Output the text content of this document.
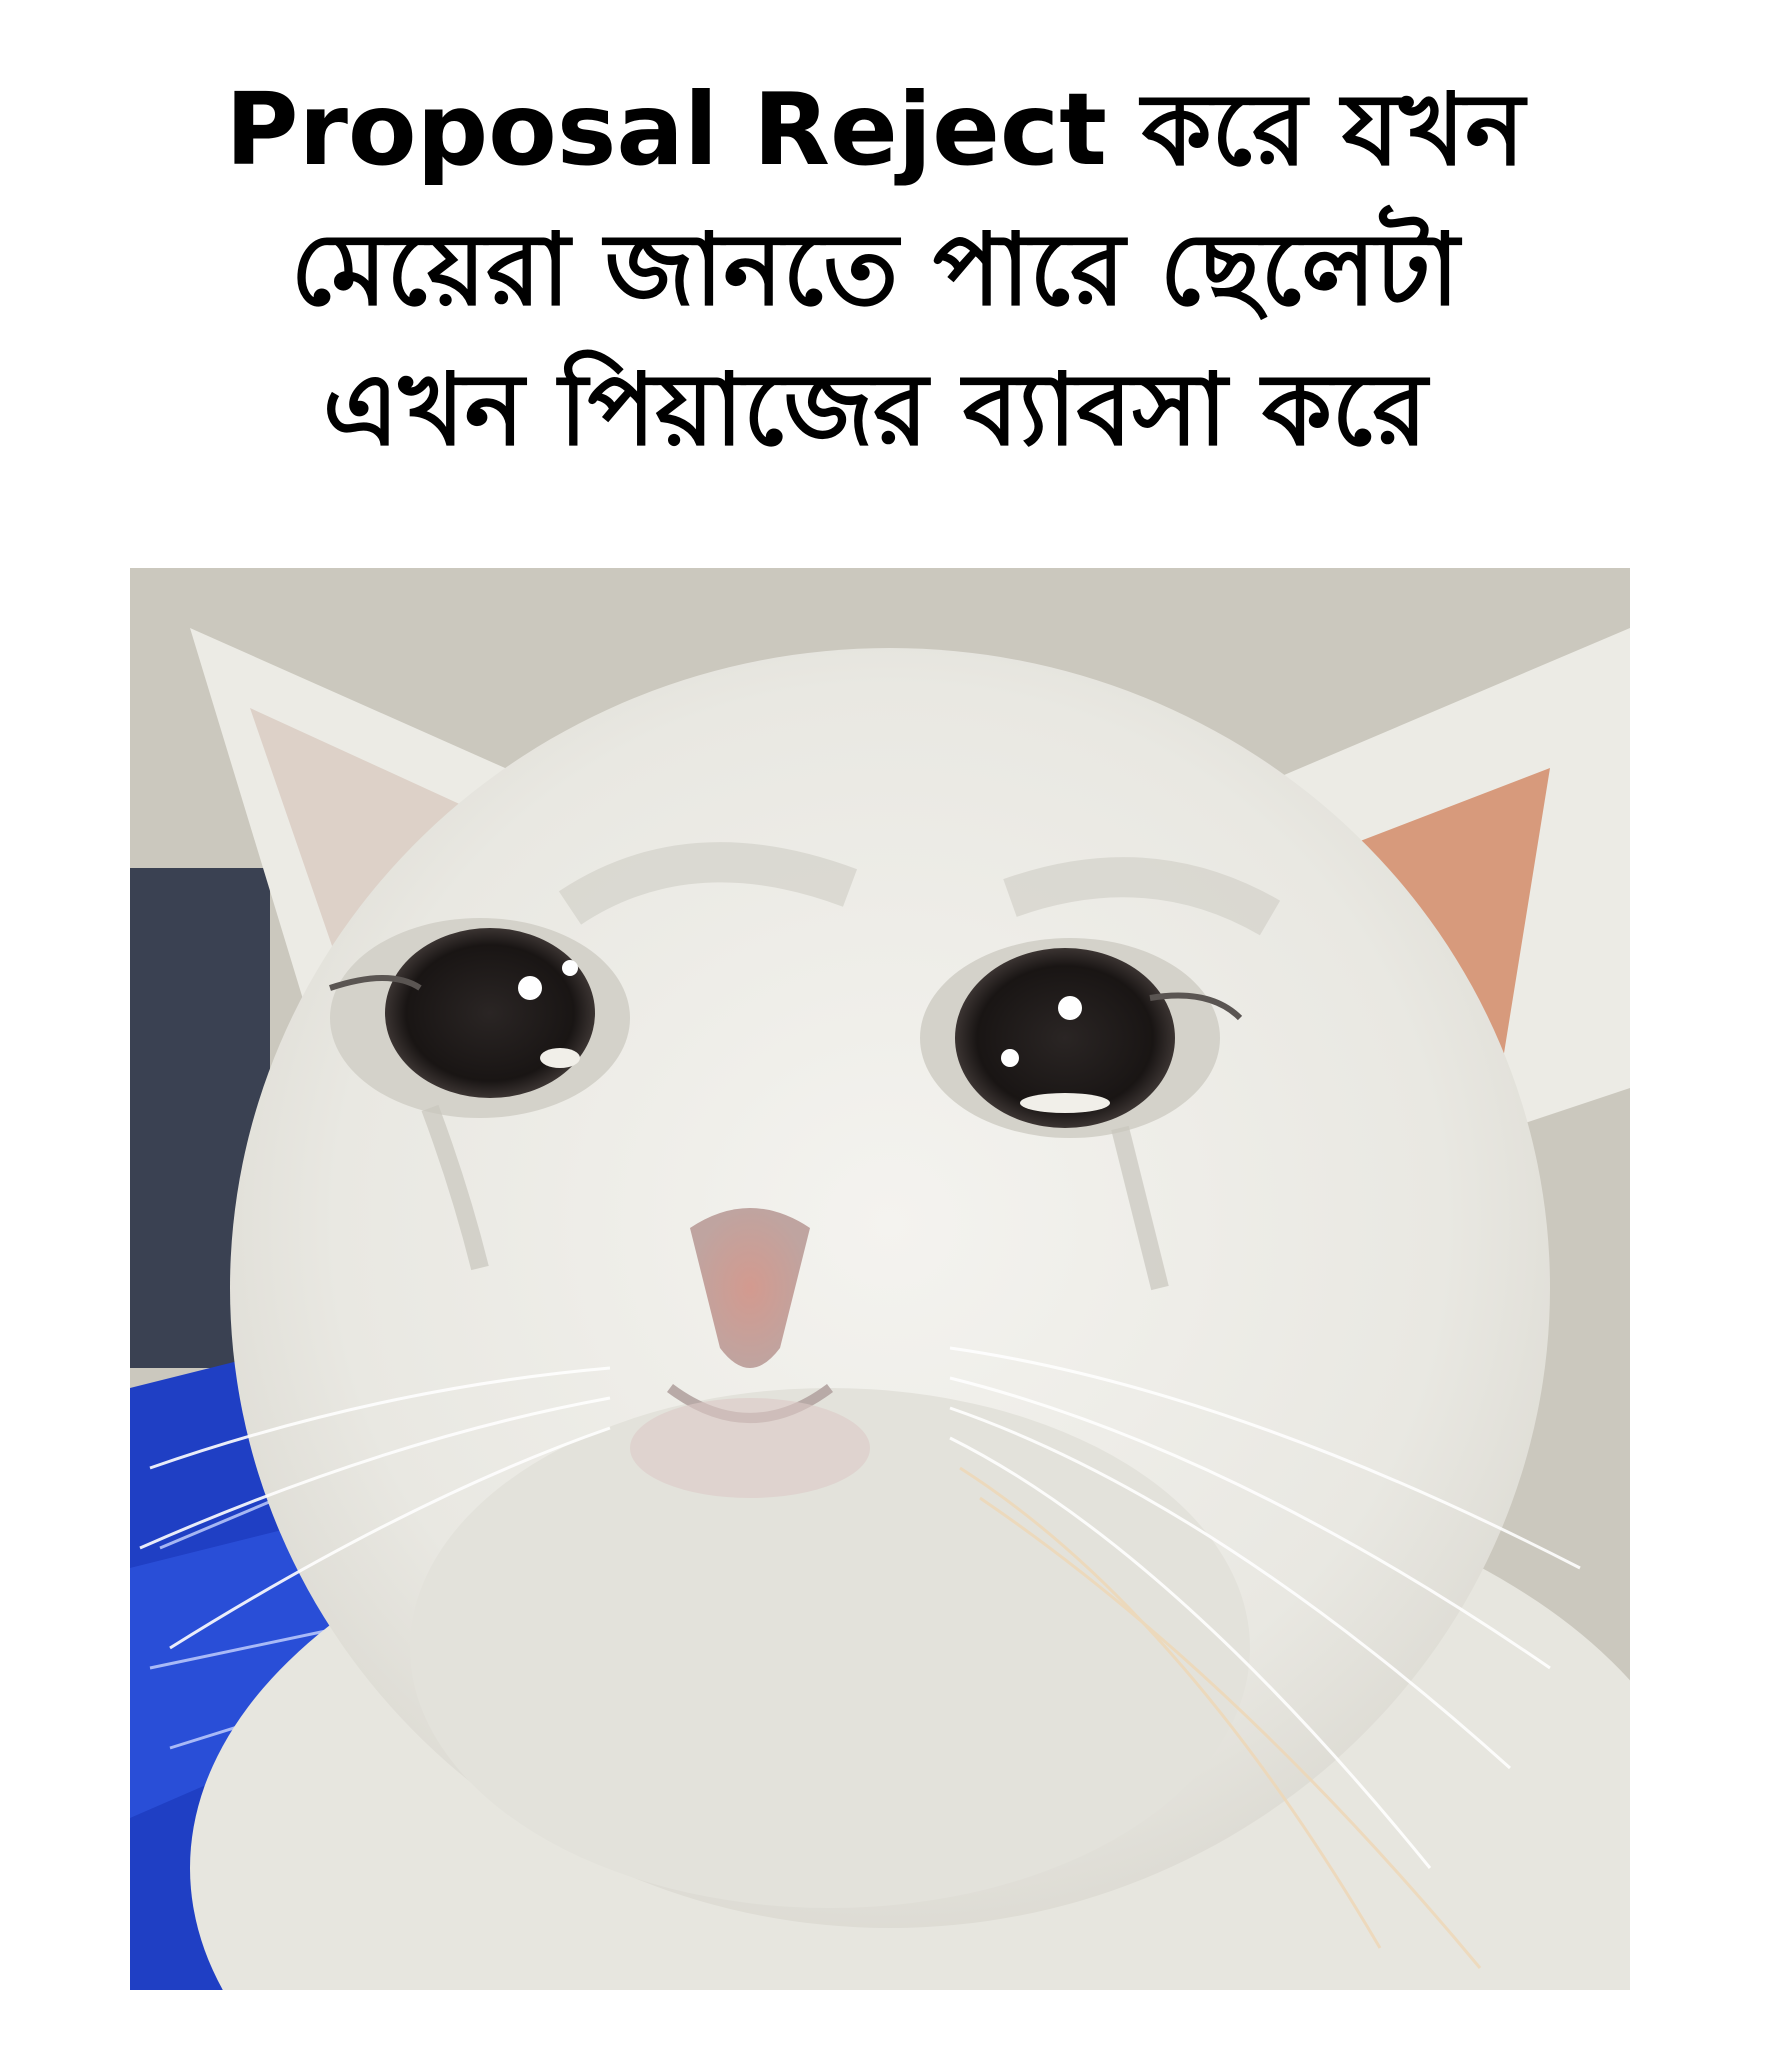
Proposal Reject করে যখন
মেয়েরা জানতে পারে ছেলেটা
এখন পিয়াজের ব্যাবসা করে
